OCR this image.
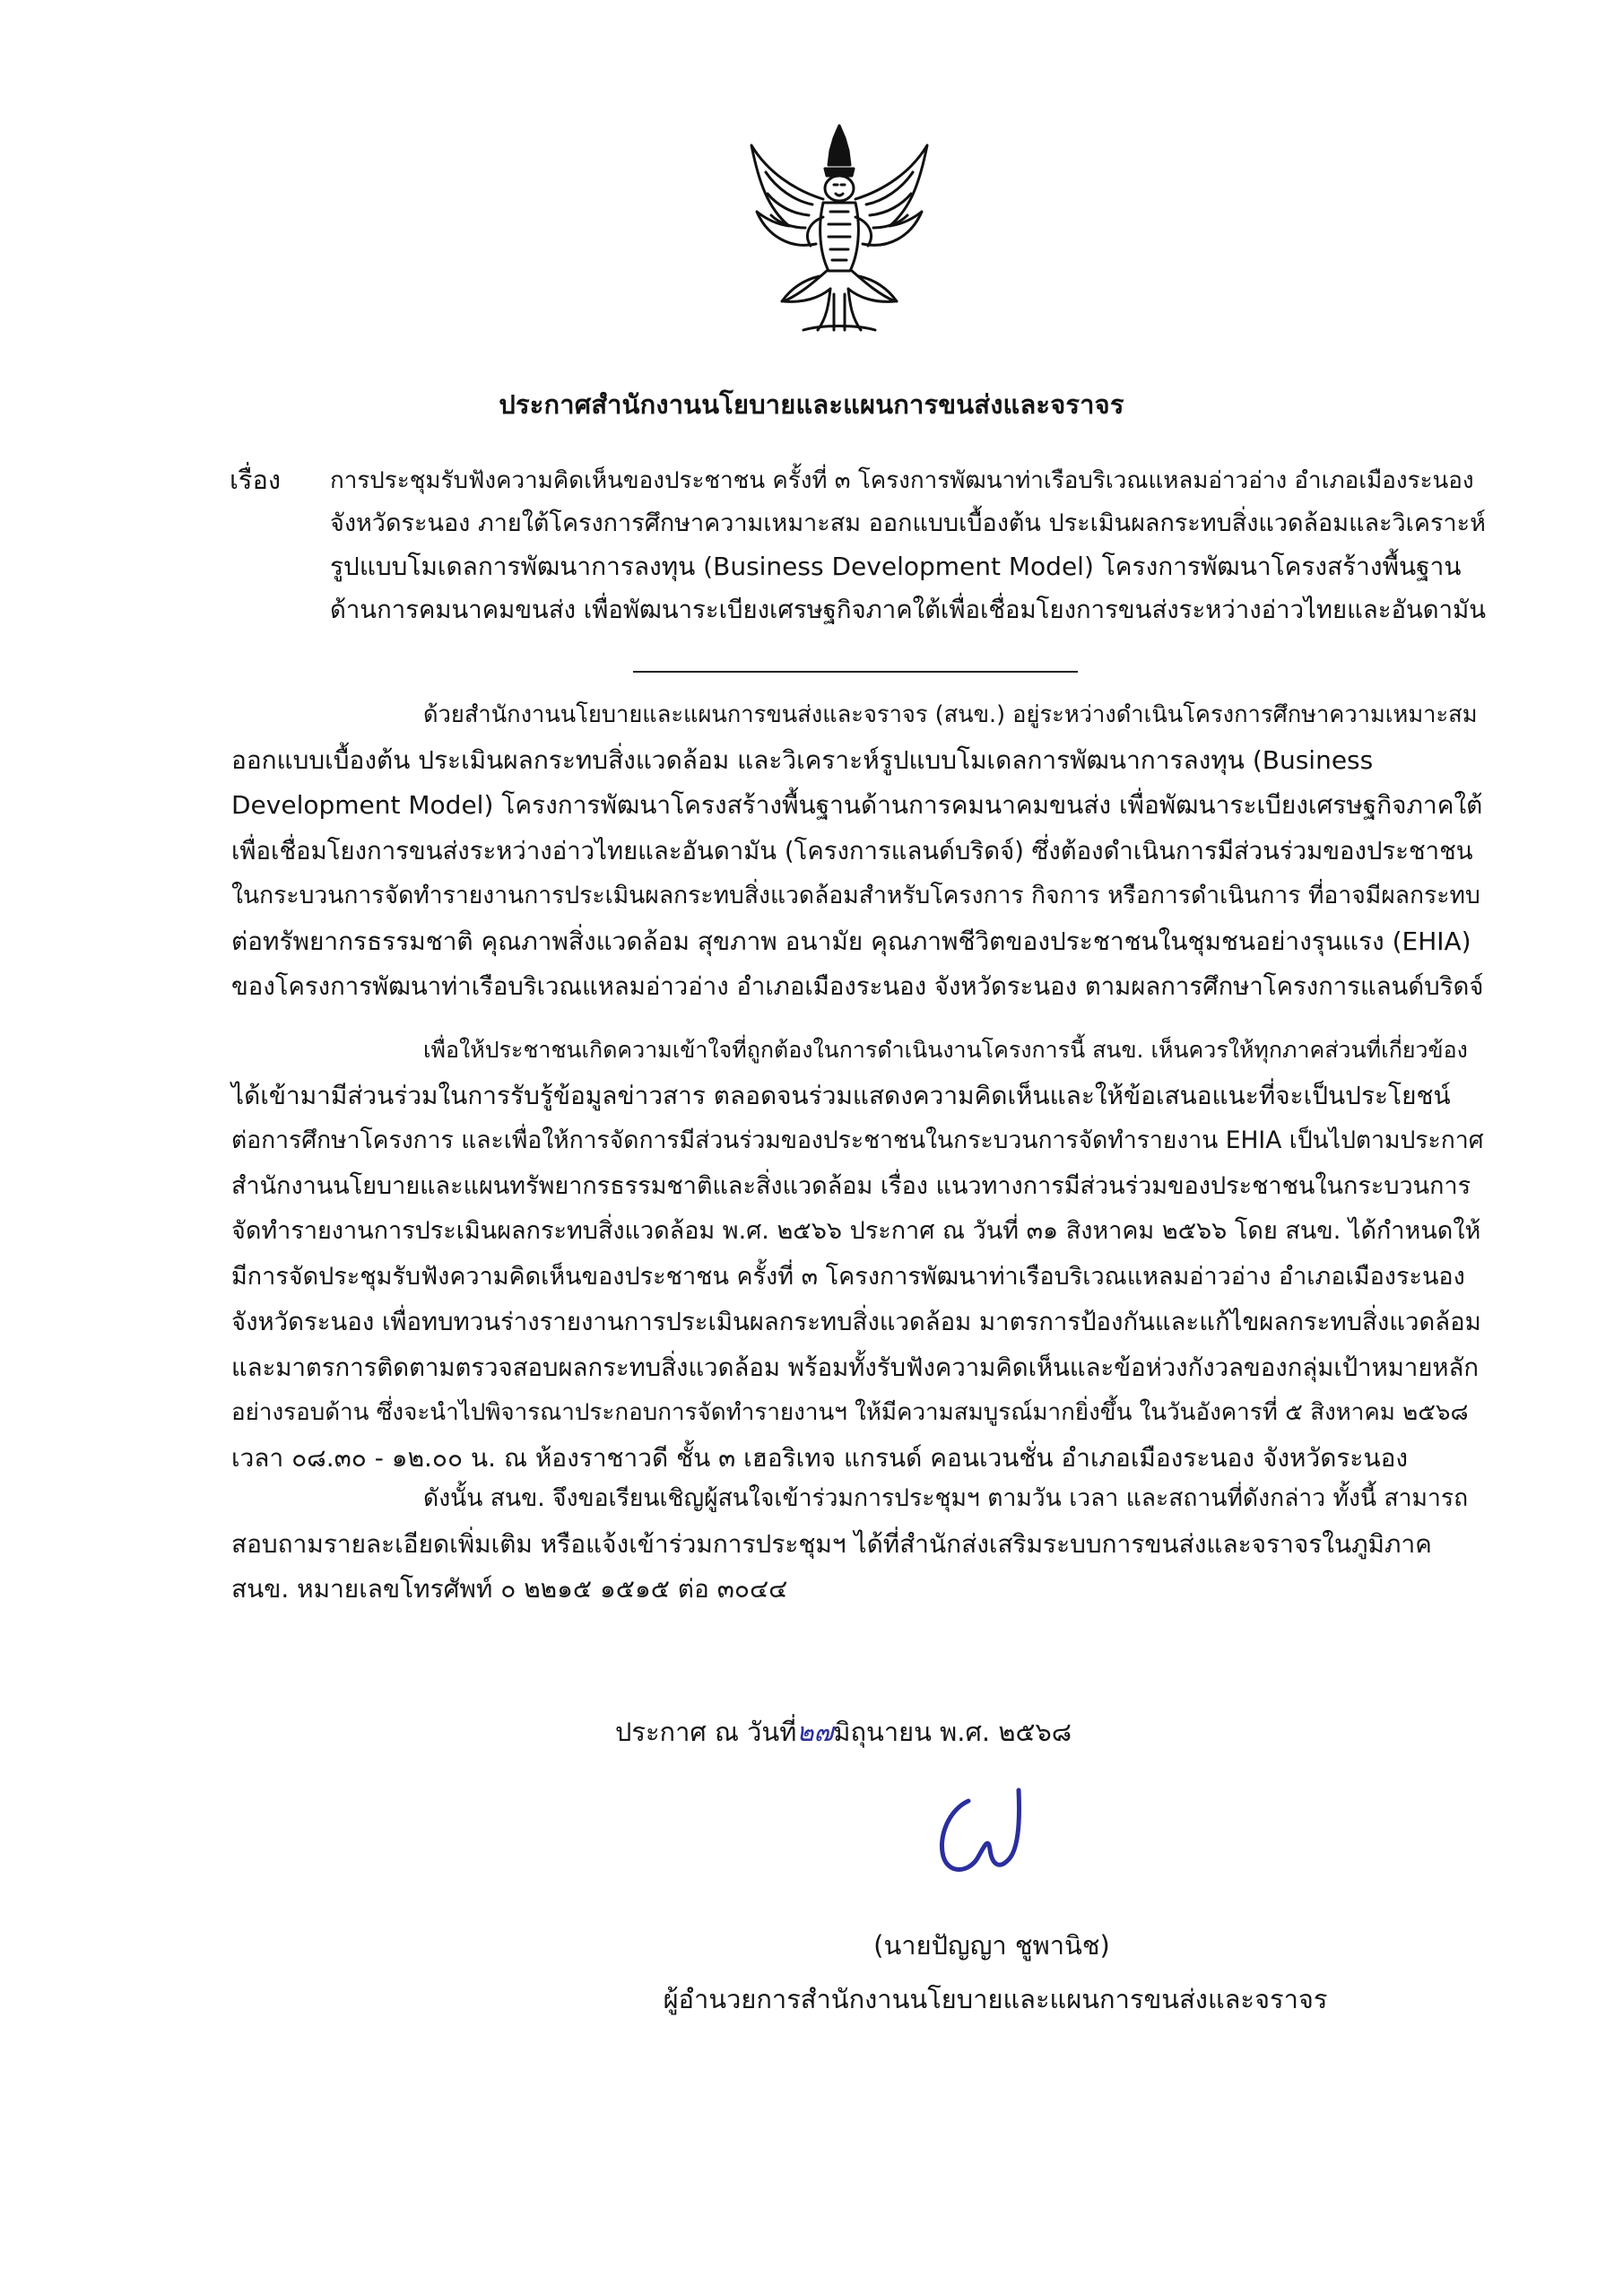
ประกาศสำนักงานนโยบายและแผนการขนส่งและจราจร
เรื่อง การประชุมรับฟังความคิดเห็นของประชาชน ครั้งที่ ๓ โครงการพัฒนาท่าเรือบริเวณแหลมอ่าวอ่าง อำเภอเมืองระนอง
จังหวัดระนอง ภายใต้โครงการศึกษาความเหมาะสม ออกแบบเบื้องต้น ประเมินผลกระทบสิ่งแวดล้อมและวิเคราะห์
รูปแบบโมเดลการพัฒนาการลงทุน (Business Development Model) โครงการพัฒนาโครงสร้างพื้นฐาน
ด้านการคมนาคมขนส่ง เพื่อพัฒนาระเบียงเศรษฐกิจภาคใต้เพื่อเชื่อมโยงการขนส่งระหว่างอ่าวไทยและอันดามัน
ด้วยสำนักงานนโยบายและแผนการขนส่งและจราจร (สนข.) อยู่ระหว่างดำเนินโครงการศึกษาความเหมาะสม
ออกแบบเบื้องต้น ประเมินผลกระทบสิ่งแวดล้อม และวิเคราะห์รูปแบบโมเดลการพัฒนาการลงทุน (Business
Development Model) โครงการพัฒนาโครงสร้างพื้นฐานด้านการคมนาคมขนส่ง เพื่อพัฒนาระเบียงเศรษฐกิจภาคใต้
เพื่อเชื่อมโยงการขนส่งระหว่างอ่าวไทยและอันดามัน (โครงการแลนด์บริดจ์) ซึ่งต้องดำเนินการมีส่วนร่วมของประชาชน
ในกระบวนการจัดทำรายงานการประเมินผลกระทบสิ่งแวดล้อมสำหรับโครงการ กิจการ หรือการดำเนินการ ที่อาจมีผลกระทบ
ต่อทรัพยากรธรรมชาติ คุณภาพสิ่งแวดล้อม สุขภาพ อนามัย คุณภาพชีวิตของประชาชนในชุมชนอย่างรุนแรง (EHIA)
ของโครงการพัฒนาท่าเรือบริเวณแหลมอ่าวอ่าง อำเภอเมืองระนอง จังหวัดระนอง ตามผลการศึกษาโครงการแลนด์บริดจ์
เพื่อให้ประชาชนเกิดความเข้าใจที่ถูกต้องในการดำเนินงานโครงการนี้ สนข. เห็นควรให้ทุกภาคส่วนที่เกี่ยวข้อง
ได้เข้ามามีส่วนร่วมในการรับรู้ข้อมูลข่าวสาร ตลอดจนร่วมแสดงความคิดเห็นและให้ข้อเสนอแนะที่จะเป็นประโยชน์
ต่อการศึกษาโครงการ และเพื่อให้การจัดการมีส่วนร่วมของประชาชนในกระบวนการจัดทำรายงาน EHIA เป็นไปตามประกาศ
สำนักงานนโยบายและแผนทรัพยากรธรรมชาติและสิ่งแวดล้อม เรื่อง แนวทางการมีส่วนร่วมของประชาชนในกระบวนการ
จัดทำรายงานการประเมินผลกระทบสิ่งแวดล้อม พ.ศ. ๒๕๖๖ ประกาศ ณ วันที่ ๓๑ สิงหาคม ๒๕๖๖ โดย สนข. ได้กำหนดให้
มีการจัดประชุมรับฟังความคิดเห็นของประชาชน ครั้งที่ ๓ โครงการพัฒนาท่าเรือบริเวณแหลมอ่าวอ่าง อำเภอเมืองระนอง
จังหวัดระนอง เพื่อทบทวนร่างรายงานการประเมินผลกระทบสิ่งแวดล้อม มาตรการป้องกันและแก้ไขผลกระทบสิ่งแวดล้อม
และมาตรการติดตามตรวจสอบผลกระทบสิ่งแวดล้อม พร้อมทั้งรับฟังความคิดเห็นและข้อห่วงกังวลของกลุ่มเป้าหมายหลัก
อย่างรอบด้าน ซึ่งจะนำไปพิจารณาประกอบการจัดทำรายงานฯ ให้มีความสมบูรณ์มากยิ่งขึ้น ในวันอังคารที่ ๕ สิงหาคม ๒๕๖๘
เวลา ๐๘.๓๐ - ๑๒.๐๐ น. ณ ห้องราชาวดี ชั้น ๓ เฮอริเทจ แกรนด์ คอนเวนชั่น อำเภอเมืองระนอง จังหวัดระนอง
ดังนั้น สนข. จึงขอเรียนเชิญผู้สนใจเข้าร่วมการประชุมฯ ตามวัน เวลา และสถานที่ดังกล่าว ทั้งนี้ สามารถ
สอบถามรายละเอียดเพิ่มเติม หรือแจ้งเข้าร่วมการประชุมฯ ได้ที่สำนักส่งเสริมระบบการขนส่งและจราจรในภูมิภาค
สนข. หมายเลขโทรศัพท์ ๐ ๒๒๑๕ ๑๕๑๕ ต่อ ๓๐๔๔
ประกาศ ณ วันที่๒๗มิถุนายน พ.ศ. ๒๕๖๘
(นายปัญญา ชูพานิช)
ผู้อำนวยการสำนักงานนโยบายและแผนการขนส่งและจราจร
